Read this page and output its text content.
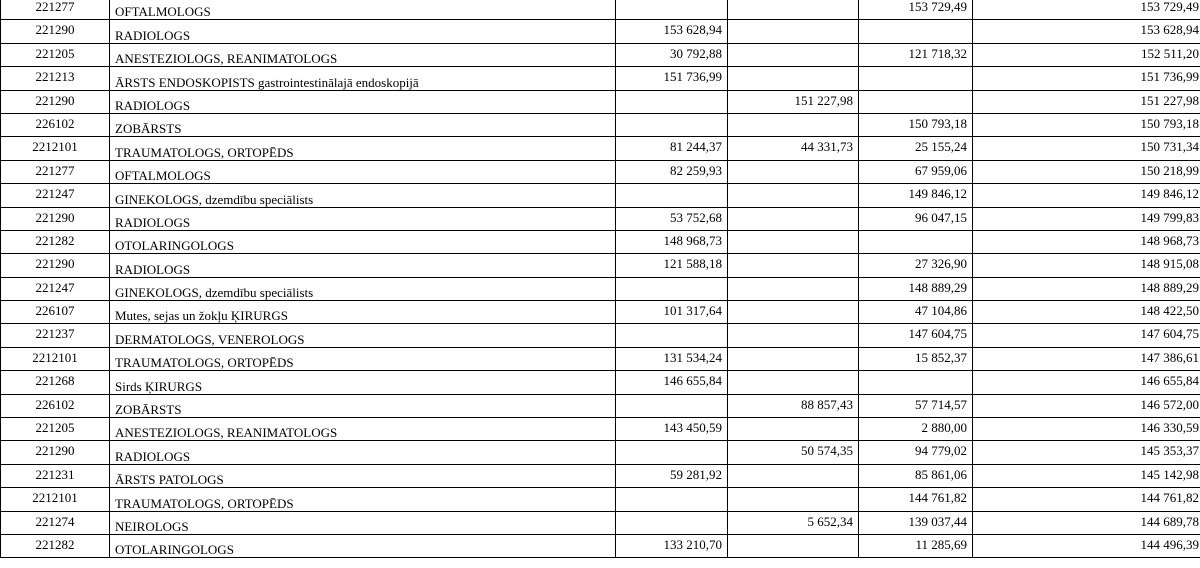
221277	OFTALMOLOGS			153 729,49	153 729,49
221290	RADIOLOGS	153 628,94			153 628,94
221205	ANESTEZIOLOGS, REANIMATOLOGS	30 792,88		121 718,32	152 511,20
221213	ĀRSTS ENDOSKOPISTS gastrointestinālajā endoskopijā	151 736,99			151 736,99
221290	RADIOLOGS		151 227,98		151 227,98
226102	ZOBĀRSTS			150 793,18	150 793,18
2212101	TRAUMATOLOGS, ORTOPĒDS	81 244,37	44 331,73	25 155,24	150 731,34
221277	OFTALMOLOGS	82 259,93		67 959,06	150 218,99
221247	GINEKOLOGS, dzemdību speciālists			149 846,12	149 846,12
221290	RADIOLOGS	53 752,68		96 047,15	149 799,83
221282	OTOLARINGOLOGS	148 968,73			148 968,73
221290	RADIOLOGS	121 588,18		27 326,90	148 915,08
221247	GINEKOLOGS, dzemdību speciālists			148 889,29	148 889,29
226107	Mutes, sejas un žokļu ĶIRURGS	101 317,64		47 104,86	148 422,50
221237	DERMATOLOGS, VENEROLOGS			147 604,75	147 604,75
2212101	TRAUMATOLOGS, ORTOPĒDS	131 534,24		15 852,37	147 386,61
221268	Sirds ĶIRURGS	146 655,84			146 655,84
226102	ZOBĀRSTS		88 857,43	57 714,57	146 572,00
221205	ANESTEZIOLOGS, REANIMATOLOGS	143 450,59		2 880,00	146 330,59
221290	RADIOLOGS		50 574,35	94 779,02	145 353,37
221231	ĀRSTS PATOLOGS	59 281,92		85 861,06	145 142,98
2212101	TRAUMATOLOGS, ORTOPĒDS			144 761,82	144 761,82
221274	NEIROLOGS		5 652,34	139 037,44	144 689,78
221282	OTOLARINGOLOGS	133 210,70		11 285,69	144 496,39
